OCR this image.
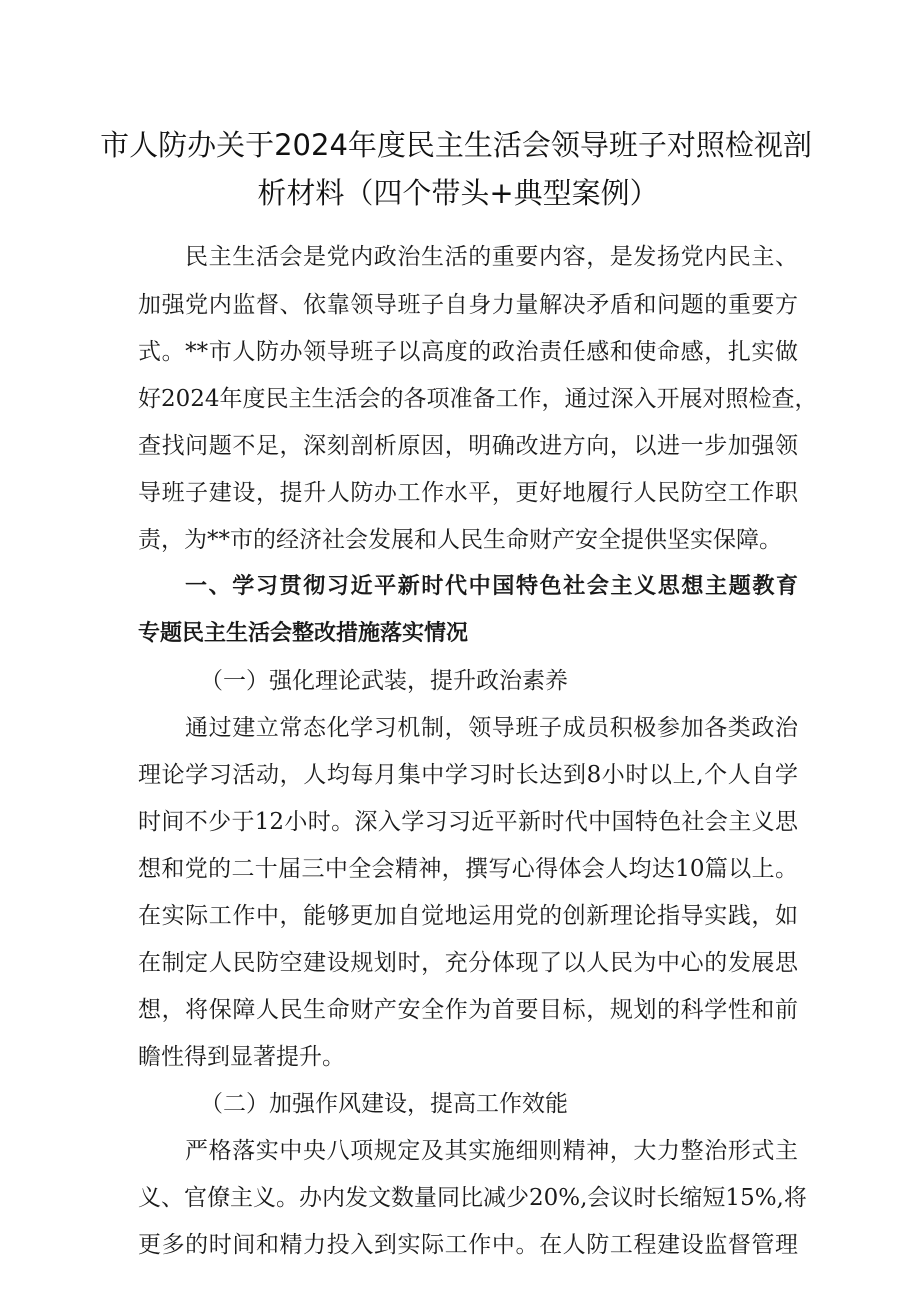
市人防办关于2024年度民主生活会领导班子对照检视剖
析材料（四个带头+典型案例）
民主生活会是党内政治生活的重要内容，是发扬党内民主、
加强党内监督、依靠领导班子自身力量解决矛盾和问题的重要方
式。**市人防办领导班子以高度的政治责任感和使命感，扎实做
好2024年度民主生活会的各项准备工作，通过深入开展对照检查，
查找问题不足，深刻剖析原因，明确改进方向，以进一步加强领
导班子建设，提升人防办工作水平，更好地履行人民防空工作职
责，为**市的经济社会发展和人民生命财产安全提供坚实保障。
一、学习贯彻习近平新时代中国特色社会主义思想主题教育
专题民主生活会整改措施落实情况
（一）强化理论武装，提升政治素养
通过建立常态化学习机制，领导班子成员积极参加各类政治
理论学习活动，人均每月集中学习时长达到8小时以上,个人自学
时间不少于12小时。深入学习习近平新时代中国特色社会主义思
想和党的二十届三中全会精神，撰写心得体会人均达10篇以上。
在实际工作中，能够更加自觉地运用党的创新理论指导实践，如
在制定人民防空建设规划时，充分体现了以人民为中心的发展思
想，将保障人民生命财产安全作为首要目标，规划的科学性和前
瞻性得到显著提升。
（二）加强作风建设，提高工作效能
严格落实中央八项规定及其实施细则精神，大力整治形式主
义、官僚主义。办内发文数量同比减少20%,会议时长缩短15%,将
更多的时间和精力投入到实际工作中。在人防工程建设监督管理
